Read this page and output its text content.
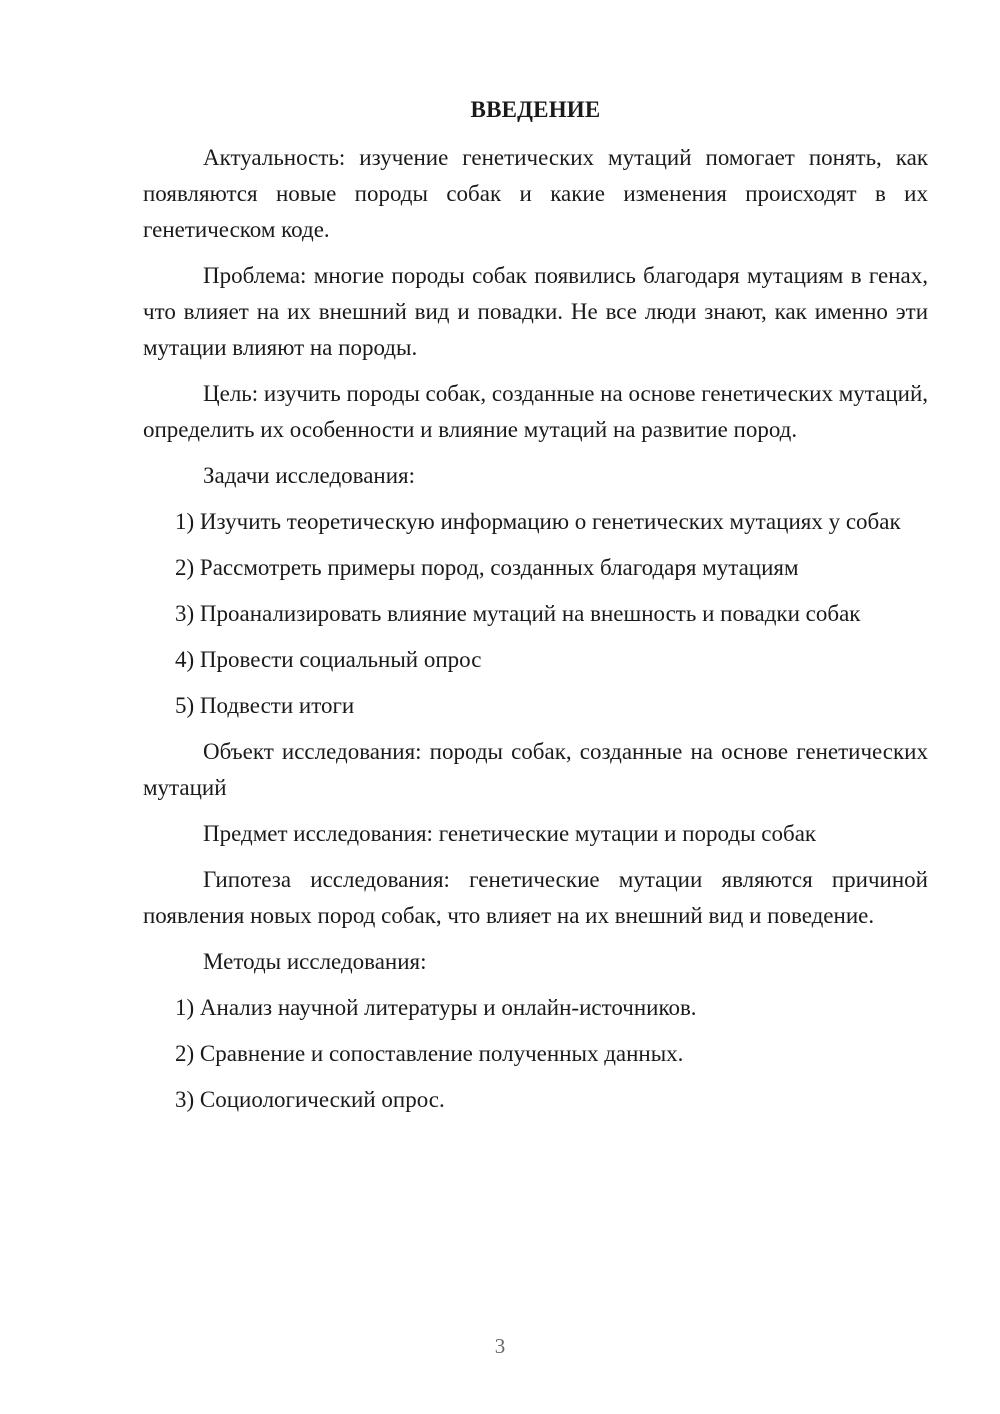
ВВЕДЕНИЕ

Актуальность: изучение генетических мутаций помогает понять, как появляются новые породы собак и какие изменения происходят в их генетическом коде.

Проблема: многие породы собак появились благодаря мутациям в генах, что влияет на их внешний вид и повадки. Не все люди знают, как именно эти мутации влияют на породы.

Цель: изучить породы собак, созданные на основе генетических мутаций, определить их особенности и влияние мутаций на развитие пород.

Задачи исследования:

1) Изучить теоретическую информацию о генетических мутациях у собак

2) Рассмотреть примеры пород, созданных благодаря мутациям

3) Проанализировать влияние мутаций на внешность и повадки собак

4) Провести социальный опрос

5) Подвести итоги

Объект исследования: породы собак, созданные на основе генетических мутаций

Предмет исследования: генетические мутации и породы собак

Гипотеза исследования: генетические мутации являются причиной появления новых пород собак, что влияет на их внешний вид и поведение.

Методы исследования:

1) Анализ научной литературы и онлайн-источников.

2) Сравнение и сопоставление полученных данных.

3) Социологический опрос.

3
